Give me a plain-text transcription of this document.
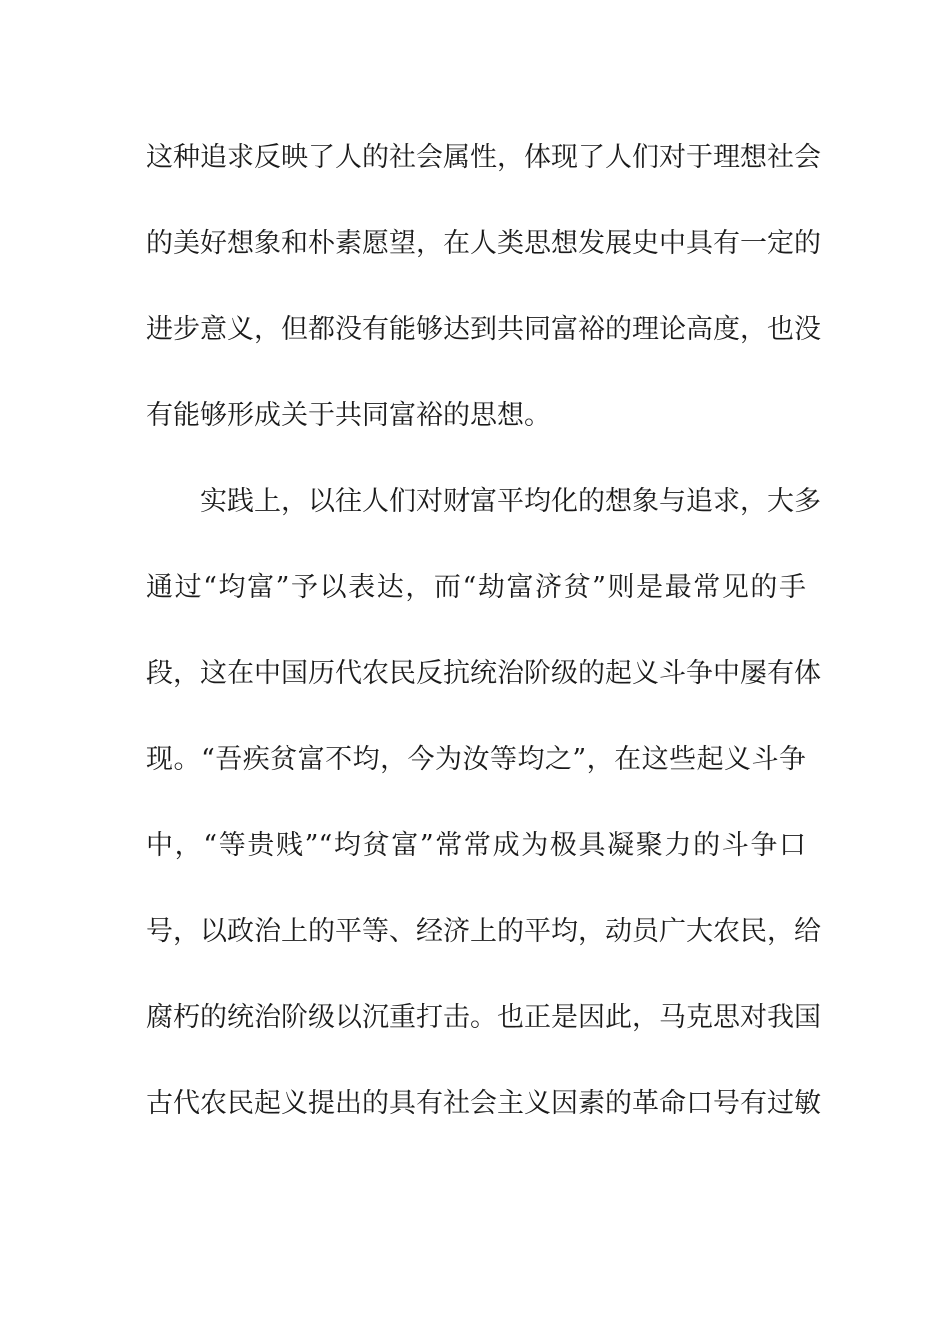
这种追求反映了人的社会属性，体现了人们对于理想社会
的美好想象和朴素愿望，在人类思想发展史中具有一定的
进步意义，但都没有能够达到共同富裕的理论高度，也没
有能够形成关于共同富裕的思想。
实践上，以往人们对财富平均化的想象与追求，大多
通过“均富”予以表达，而“劫富济贫”则是最常见的手
段，这在中国历代农民反抗统治阶级的起义斗争中屡有体
现。“吾疾贫富不均，今为汝等均之”，在这些起义斗争
中，“等贵贱”“均贫富”常常成为极具凝聚力的斗争口
号，以政治上的平等、经济上的平均，动员广大农民，给
腐朽的统治阶级以沉重打击。也正是因此，马克思对我国
古代农民起义提出的具有社会主义因素的革命口号有过敏
